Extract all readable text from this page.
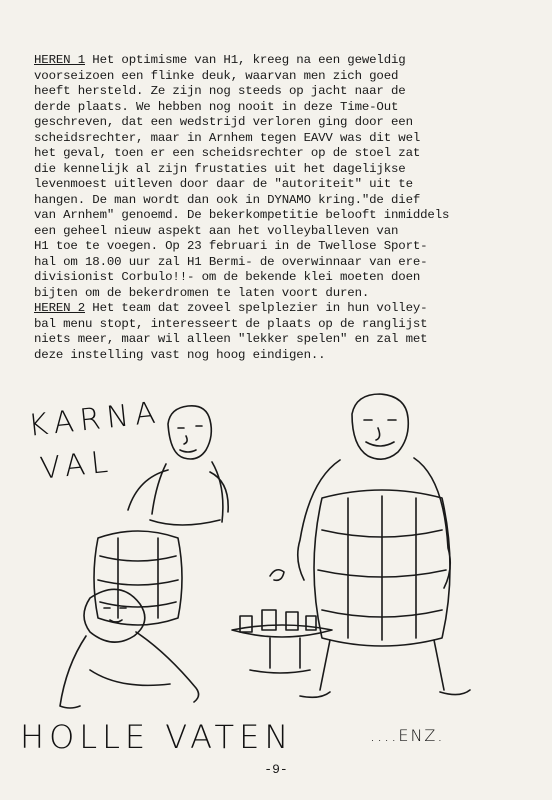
HEREN 1 Het optimisme van H1, kreeg na een geweldig
voorseizoen een flinke deuk, waarvan men zich goed
heeft hersteld. Ze zijn nog steeds op jacht naar de
derde plaats. We hebben nog nooit in deze Time-Out
geschreven, dat een wedstrijd verloren ging door een
scheidsrechter, maar in Arnhem tegen EAVV was dit wel
het geval, toen er een scheidsrechter op de stoel zat
die kennelijk al zijn frustaties uit het dagelijkse
levenmoest uitleven door daar de "autoriteit" uit te
hangen. De man wordt dan ook in DYNAMO kring."de dief
van Arnhem" genoemd. De bekerkompetitie belooft inmiddels
een geheel nieuw aspekt aan het volleyballeven van
H1 toe te voegen. Op 23 februari in de Twellose Sport-
hal om 18.00 uur zal H1 Bermi- de overwinnaar van ere-
divisionist Corbulo!!- om de bekende klei moeten doen
bijten om de bekerdromen te laten voort duren.
HEREN 2 Het team dat zoveel spelplezier in hun volley-
bal menu stopt, interesseert de plaats op de ranglijst
niets meer, maar wil alleen "lekker spelen" en zal met
deze instelling vast nog hoog eindigen..
KARNA
VAL
HOLLE VATEN	....ENZ.
-9-
